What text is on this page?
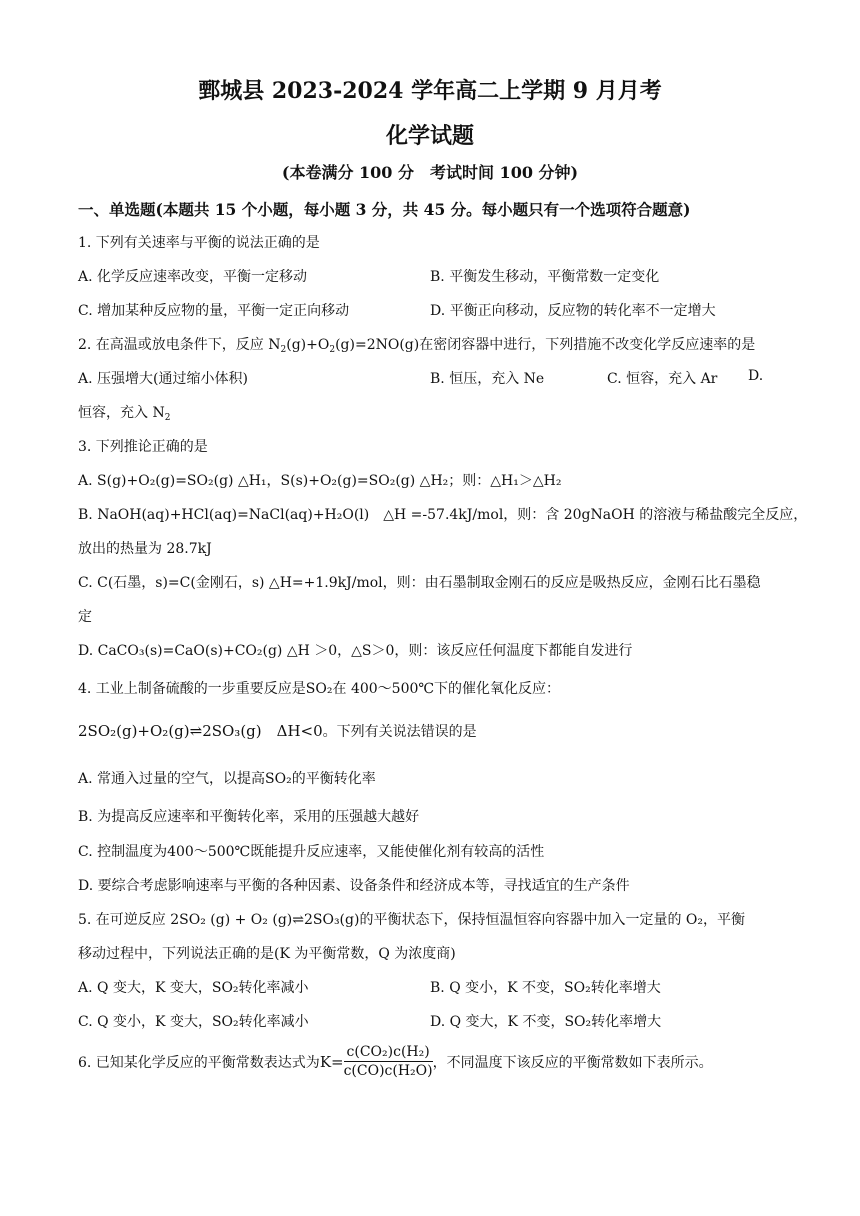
鄄城县 2023-2024 学年高二上学期 9 月月考
化学试题
(本卷满分 100 分　考试时间 100 分钟)
一、单选题(本题共 15 个小题，每小题 3 分，共 45 分。每小题只有一个选项符合题意)
1. 下列有关速率与平衡的说法正确的是
A. 化学反应速率改变，平衡一定移动	B. 平衡发生移动，平衡常数一定变化
C. 增加某种反应物的量，平衡一定正向移动	D. 平衡正向移动，反应物的转化率不一定增大
2. 在高温或放电条件下，反应 $N_2(g)+O_2(g)=2NO(g)$在密闭容器中进行，下列措施不改变化学反应速率的是
A. 压强增大(通过缩小体积)	B. 恒压，充入 Ne	C. 恒容，充入 Ar D.
恒容，充入 $N_2$
3. 下列推论正确的是
A. S(g)+O₂(g)=SO₂(g) △H₁，S(s)+O₂(g)=SO₂(g) △H₂；则：△H₁＞△H₂
B. NaOH(aq)+HCl(aq)=NaCl(aq)+H₂O(l)　△H =-57.4kJ/mol，则：含 20gNaOH 的溶液与稀盐酸完全反应，
放出的热量为 28.7kJ
C. C(石墨，s)=C(金刚石，s) △H=+1.9kJ/mol，则：由石墨制取金刚石的反应是吸热反应，金刚石比石墨稳
定
D. CaCO₃(s)=CaO(s)+CO₂(g) △H ＞0，△S＞0，则：该反应任何温度下都能自发进行
4. 工业上制备硫酸的一步重要反应是SO₂在 400～500℃下的催化氧化反应：
2SO₂(g)+O₂(g)⇌2SO₃(g)　ΔH<0。下列有关说法错误的是
A. 常通入过量的空气，以提高SO₂的平衡转化率
B. 为提高反应速率和平衡转化率，采用的压强越大越好
C. 控制温度为400～500℃既能提升反应速率，又能使催化剂有较高的活性
D. 要综合考虑影响速率与平衡的各种因素、设备条件和经济成本等，寻找适宜的生产条件
5. 在可逆反应 2SO₂ (g) + O₂ (g)⇌2SO₃(g)的平衡状态下，保持恒温恒容向容器中加入一定量的 O₂，平衡
移动过程中，下列说法正确的是(K 为平衡常数，Q 为浓度商)
A. Q 变大，K 变大，SO₂转化率减小	B. Q 变小，K 不变，SO₂转化率增大
C. Q 变小，K 变大，SO₂转化率减小	D. Q 变大，K 不变，SO₂转化率增大
6. 已知某化学反应的平衡常数表达式为 $K= \frac{\text{c(CO₂)c(H₂)}}{\text{c(CO)c(H₂O)}}$ ，不同温度下该反应的平衡常数如下表所示。
